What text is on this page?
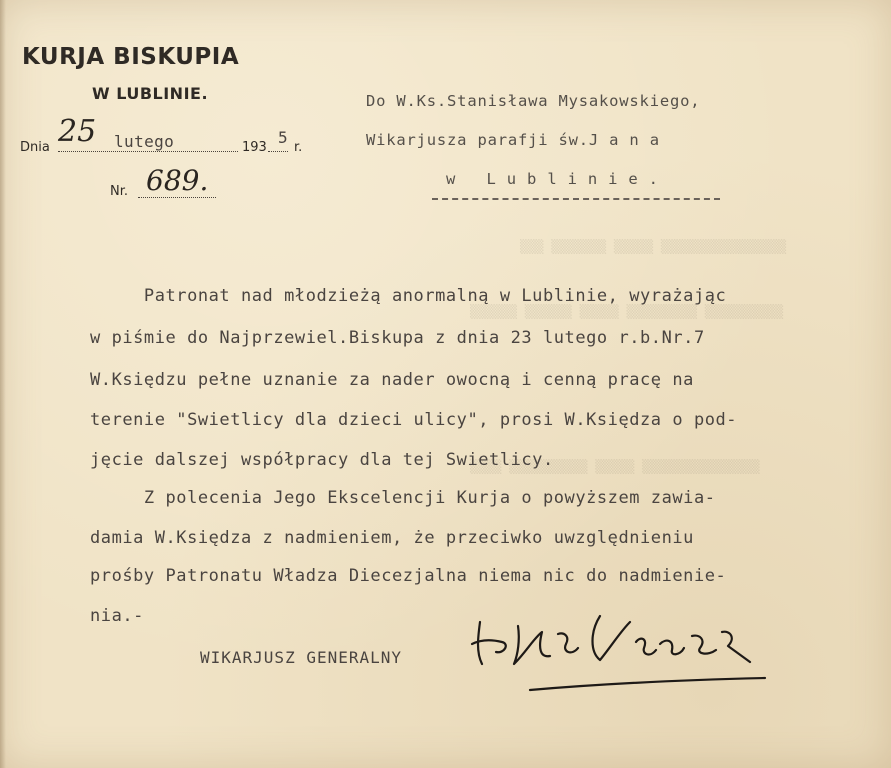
▒▒▒ ▒▒▒▒▒▒▒ ▒▒▒▒▒ ▒▒▒▒▒▒▒▒▒▒▒▒▒▒▒▒
▒▒▒▒▒▒ ▒▒▒▒▒▒ ▒▒▒▒▒ ▒▒▒▒▒▒▒▒▒ ▒▒▒▒▒▒▒▒▒▒
▒▒▒▒ ▒▒▒▒▒▒▒▒▒▒ ▒▒▒▒▒ ▒▒▒▒▒▒▒▒▒▒▒▒▒▒▒
KURJA BISKUPIA
W LUBLINIE.
Dnia 25 lutego	193
5
r.
Nr. 689.
Do W.Ks.Stanisława Mysakowskiego,
Wikarjusza parafji św.J a n a
w   L u b l i n i e .
Patronat nad młodzieżą anormalną w Lublinie, wyrażając
w piśmie do Najprzewiel.Biskupa z dnia 23 lutego r.b.Nr.7
W.Księdzu pełne uznanie za nader owocną i cenną pracę na
terenie "Swietlicy dla dzieci ulicy", prosi W.Księdza o pod-
jęcie dalszej współpracy dla tej Swietlicy.
Z polecenia Jego Ekscelencji Kurja o powyższem zawia-
damia W.Księdza z nadmieniem, że przeciwko uwzględnieniu
prośby Patronatu Władza Diecezjalna niema nic do nadmienie-
nia.-
WIKARJUSZ GENERALNY
